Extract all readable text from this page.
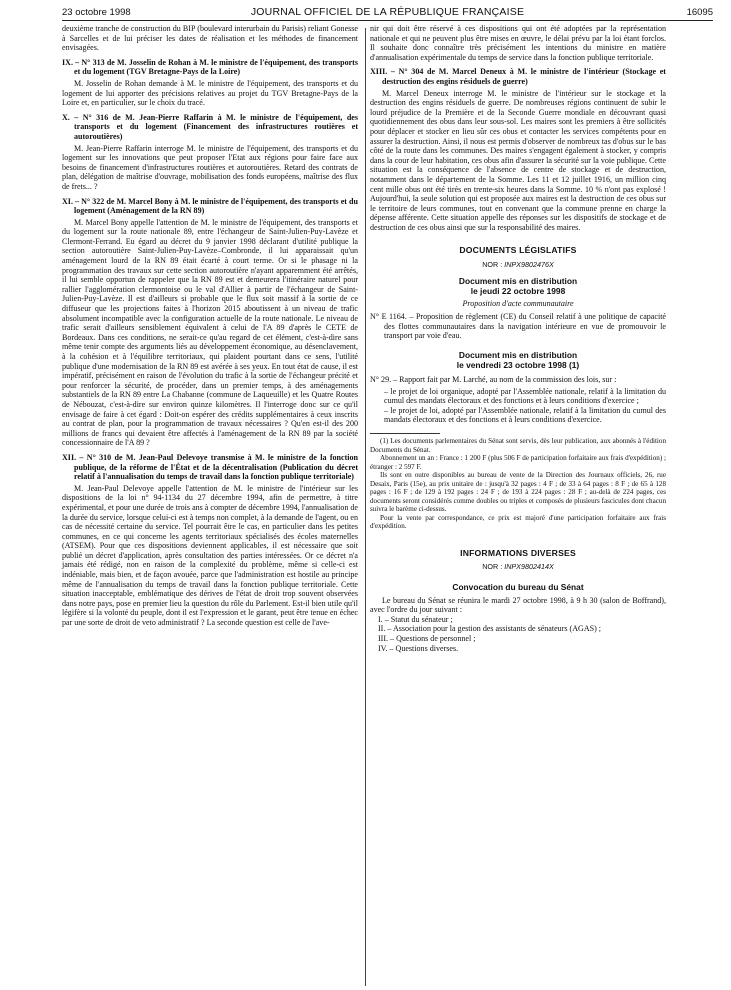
23 octobre 1998	JOURNAL OFFICIEL DE LA RÉPUBLIQUE FRANÇAISE	16095

deuxième tranche de construction du BIP (boulevard interurbain du Parisis) reliant Gonesse à Sarcelles et de lui préciser les dates de réalisation et les méthodes de financement envisagées.

IX. – N° 313 de M. Josselin de Rohan à M. le ministre de l'équipement, des transports et du logement (TGV Bretagne-Pays de la Loire)

M. Josselin de Rohan demande à M. le ministre de l'équipement, des transports et du logement de lui apporter des précisions relatives au projet du TGV Bretagne-Pays de la Loire et, en particulier, sur le choix du tracé.

X. – N° 316 de M. Jean-Pierre Raffarin à M. le ministre de l'équipement, des transports et du logement (Financement des infrastructures routières et autoroutières)

M. Jean-Pierre Raffarin interroge M. le ministre de l'équipement, des transports et du logement sur les innovations que peut proposer l'Etat aux régions pour faire face aux besoins de financement d'infrastructures routières et autoroutières. Retard des contrats de plan, délégation de maîtrise d'ouvrage, mobilisation des fonds européens, maîtrise des flux de frets... ?

XI. – N° 322 de M. Marcel Bony à M. le ministre de l'équipement, des transports et du logement (Aménagement de la RN 89)

M. Marcel Bony appelle l'attention de M. le ministre de l'équipement, des transports et du logement sur la route nationale 89, entre l'échangeur de Saint-Julien-Puy-Lavèze et Clermont-Ferrand. Eu égard au décret du 9 janvier 1998 déclarant d'utilité publique la section autoroutière Saint-Julien-Puy-Lavèze–Combronde, il lui apparaissait qu'un aménagement lourd de la RN 89 était écarté à court terme. Or si le phasage ni la programmation des travaux sur cette section autoroutière n'ayant apparemment été arrêtés, il lui semble opportun de rappeler que la RN 89 est et demeurera l'itinéraire naturel pour rallier l'agglomération clermontoise ou le val d'Allier à partir de l'échangeur de Saint-Julien-Puy-Lavèze. Il est d'ailleurs si probable que le flux soit massif à la sortie de ce diffuseur que les projections faites à l'horizon 2015 aboutissent à un niveau de trafic absolument incompatible avec la configuration actuelle de la route nationale. Le niveau de trafic serait d'ailleurs sensiblement équivalent à celui de l'A 89 d'après le CETE de Bordeaux. Dans ces conditions, ne serait-ce qu'au regard de cet élément, c'est-à-dire sans même tenir compte des arguments liés au développement économique, au désenclavement, à la cohésion et à l'équilibre territoriaux, qui plaident pourtant dans ce sens, l'utilité publique d'une modernisation de la RN 89 est avérée à ses yeux. En tout état de cause, il est impératif, précisément en raison de l'évolution du trafic à la sortie de l'échangeur précité et pour renforcer la sécurité, de procéder, dans un premier temps, à des aménagements substantiels de la RN 89 entre La Chabanne (commune de Laqueuille) et les Quatre Routes de Nébouzat, c'est-à-dire sur environ quinze kilomètres. Il l'interroge donc sur ce qu'il envisage de faire à cet égard : Doit-on espérer des crédits supplémentaires à ceux inscrits au contrat de plan, pour la programmation de travaux nécessaires ? Qu'en est-il des 200 millions de francs qui devaient être affectés à l'aménagement de la RN 89 par la société concessionnaire de l'A 89 ?

XII. – N° 310 de M. Jean-Paul Delevoye transmise à M. le ministre de la fonction publique, de la réforme de l'État et de la décentralisation (Publication du décret relatif à l'annualisation du temps de travail dans la fonction publique territoriale)

M. Jean-Paul Delevoye appelle l'attention de M. le ministre de l'intérieur sur les dispositions de la loi n° 94-1134 du 27 décembre 1994, afin de permettre, à titre expérimental, et pour une durée de trois ans à compter de décembre 1994, l'annualisation de la durée du service, lorsque celui-ci est à temps non complet, à la demande de l'agent, ou en cas de nécessité certaine du service. Tel pourrait être le cas, en particulier dans les petites communes, en ce qui concerne les agents territoriaux spécialisés des écoles maternelles (ATSEM). Pour que ces dispositions deviennent applicables, il est nécessaire que soit publié un décret d'application, après consultation des parties intéressées. Or ce décret n'a jamais été rédigé, non en raison de la complexité du problème, même si celle-ci est indéniable, mais bien, et de façon avouée, parce que l'administration est hostile au principe même de l'annualisation du temps de travail dans la fonction publique territoriale. Cette situation inacceptable, emblématique des dérives de l'état de droit trop souvent observées dans notre pays, pose en premier lieu la question du rôle du Parlement. Est-il bien utile qu'il légifère si la volonté du peuple, dont il est l'expression et le garant, peut être tenue en échec par une sorte de droit de veto administratif ? La seconde question est celle de l'ave-

nir qui doit être réservé à ces dispositions qui ont été adoptées par la représentation nationale et qui ne peuvent plus être mises en œuvre, le délai prévu par la loi étant forclos. Il souhaite donc connaître très précisément les intentions du ministre en matière d'annualisation expérimentale du temps de service dans la fonction publique territoriale.

XIII. – N° 304 de M. Marcel Deneux à M. le ministre de l'intérieur (Stockage et destruction des engins résiduels de guerre)

M. Marcel Deneux interroge M. le ministre de l'intérieur sur le stockage et la destruction des engins résiduels de guerre. De nombreuses régions continuent de subir le lourd préjudice de la Première et de la Seconde Guerre mondiale en découvrant quasi quotidiennement des obus dans leur sous-sol. Les maires sont les premiers à être sollicités pour déplacer et stocker en lieu sûr ces obus et contacter les services compétents pour en assurer la destruction. Ainsi, il nous est permis d'observer de nombreux tas d'obus sur le bas côté de la route dans les communes. Des maires s'engagent également à stocker, y compris dans la cour de leur habitation, ces obus afin d'assurer la sécurité sur la voie publique. Cette situation est la conséquence de l'absence de centre de stockage et de destruction, notamment dans le département de la Somme. Les 11 et 12 juillet 1916, un million cinq cent mille obus ont été tirés en trente-six heures dans la Somme. 10 % n'ont pas explosé ! Aujourd'hui, la seule solution qui est proposée aux maires est la destruction de ces obus sur le territoire de leurs communes, tout en convenant que la commune prenne en charge la dépense afférente. Cette situation appelle des réponses sur les dispositifs de stockage et de destruction de ces obus ainsi que sur la responsabilité des maires.

DOCUMENTS LÉGISLATIFS
NOR : INPX9802476X
Document mis en distribution
le jeudi 22 octobre 1998
Proposition d'acte communautaire

N° E 1164. – Proposition de règlement (CE) du Conseil relatif à une politique de capacité des flottes communautaires dans la navigation intérieure en vue de promouvoir le transport par voie d'eau.

Document mis en distribution
le vendredi 23 octobre 1998 (1)

N° 29. – Rapport fait par M. Larché, au nom de la commission des lois, sur :

– le projet de loi organique, adopté par l'Assemblée nationale, relatif à la limitation du cumul des mandats électoraux et des fonctions et à leurs conditions d'exercice ;

– le projet de loi, adopté par l'Assemblée nationale, relatif à la limitation du cumul des mandats électoraux et des fonctions et à leurs conditions d'exercice.

(1) Les documents parlementaires du Sénat sont servis, dès leur publication, aux abonnés à l'édition Documents du Sénat.

Abonnement un an : France : 1 200 F (plus 506 F de participation forfaitaire aux frais d'expédition) ; étranger : 2 597 F.

Ils sont en outre disponibles au bureau de vente de la Direction des Journaux officiels, 26, rue Desaix, Paris (15e), au prix unitaire de : jusqu'à 32 pages : 4 F ; de 33 à 64 pages : 8 F ; de 65 à 128 pages : 16 F ; de 129 à 192 pages : 24 F ; de 193 à 224 pages : 28 F ; au-delà de 224 pages, ces documents seront considérés comme doubles ou triples et composés de plusieurs fascicules dont chacun suivra le barème ci-dessus.

Pour la vente par correspondance, ce prix est majoré d'une participation forfaitaire aux frais d'expédition.

INFORMATIONS DIVERSES
NOR : INPX9802414X
Convocation du bureau du Sénat

Le bureau du Sénat se réunira le mardi 27 octobre 1998, à 9 h 30 (salon de Boffrand), avec l'ordre du jour suivant :

I. – Statut du sénateur ;

II. – Association pour la gestion des assistants de sénateurs (AGAS) ;

III. – Questions de personnel ;

IV. – Questions diverses.
